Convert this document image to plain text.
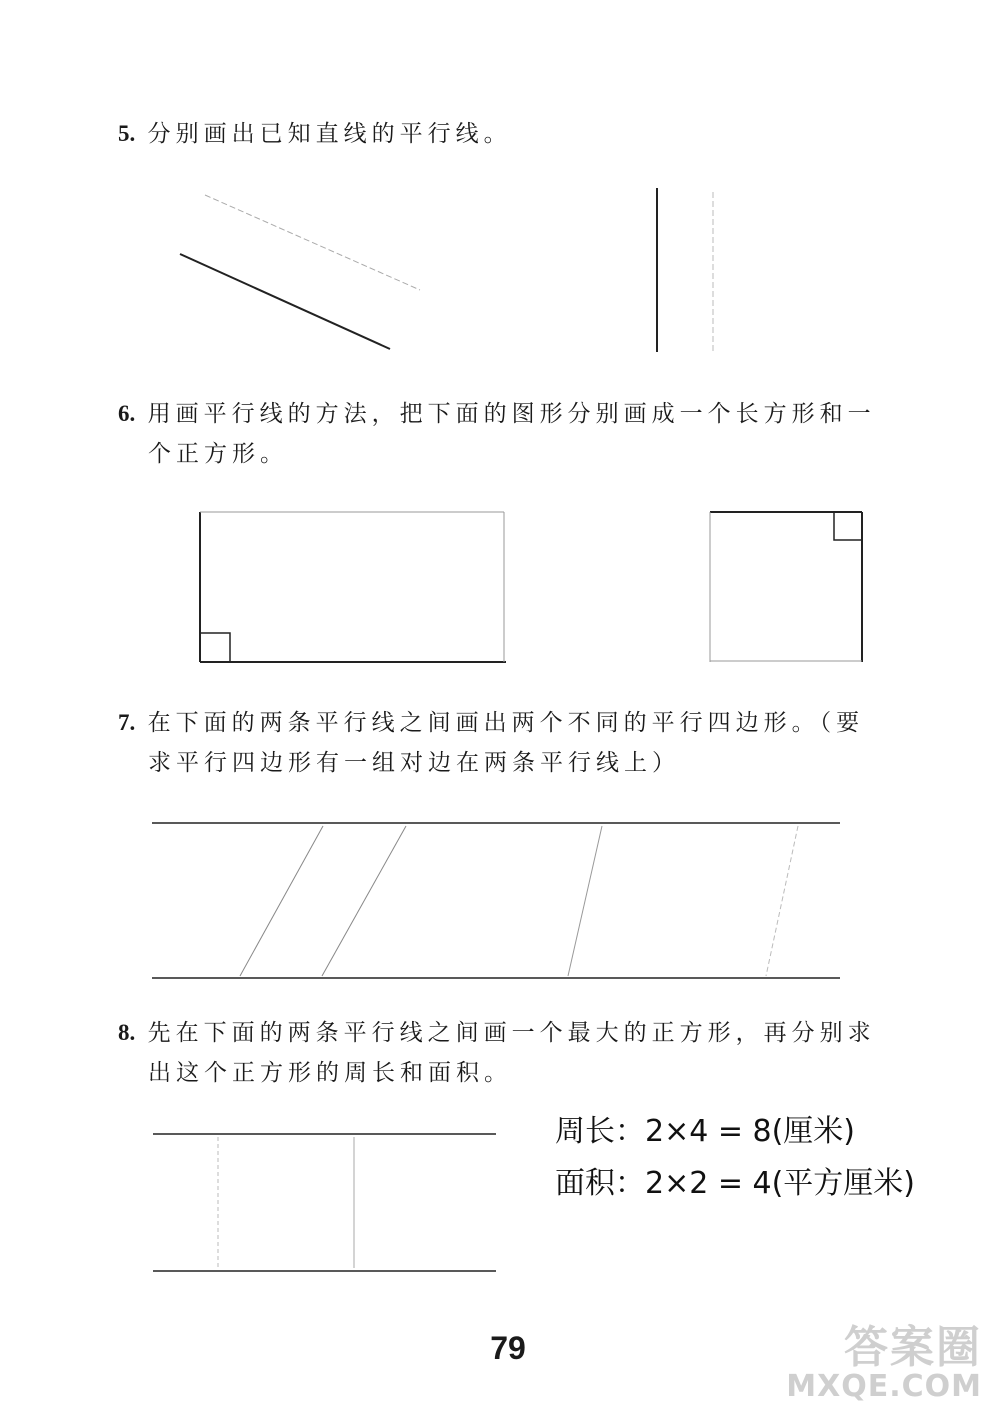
5. 分别画出已知直线的平行线。
6. 用画平行线的方法，把下面的图形分别画成一个长方形和一
个正方形。
7. 在下面的两条平行线之间画出两个不同的平行四边形。（要
求平行四边形有一组对边在两条平行线上）
8. 先在下面的两条平行线之间画一个最大的正方形，再分别求
出这个正方形的周长和面积。
周长：2×4 = 8(厘米)
面积：2×2 = 4(平方厘米)
79	答案圈
MXQE.COM
